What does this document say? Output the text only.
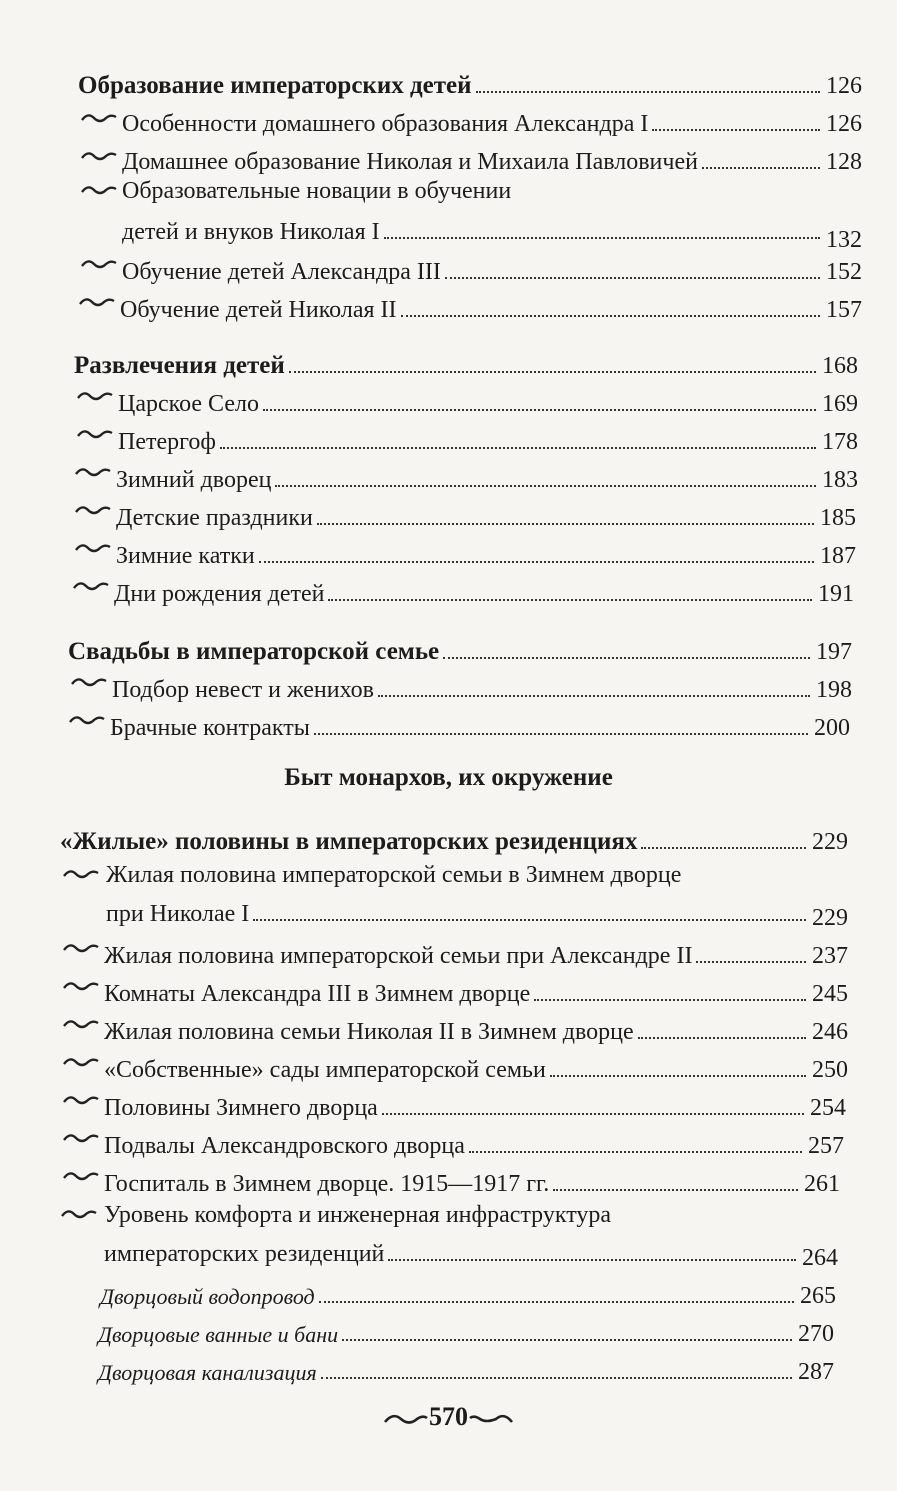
Образование императорских детей	126
Особенности домашнего образования Александра I	126
Домашнее образование Николая и Михаила Павловичей	128
Образовательные новации в обучении
детей и внуков Николая I	132
Обучение детей Александра III	152
Обучение детей Николая II	157
Развлечения детей	168
Царское Село	169
Петергоф	178
Зимний дворец	183
Детские праздники	185
Зимние катки	187
Дни рождения детей	191
Свадьбы в императорской семье	197
Подбор невест и женихов	198
Брачные контракты	200
Быт монархов, их окружение
«Жилые» половины в императорских резиденциях	229
Жилая половина императорской семьи в Зимнем дворце
при Николае I	229
Жилая половина императорской семьи при Александре II	237
Комнаты Александра III в Зимнем дворце	245
Жилая половина семьи Николая II в Зимнем дворце	246
«Собственные» сады императорской семьи	250
Половины Зимнего дворца	254
Подвалы Александровского дворца	257
Госпиталь в Зимнем дворце. 1915—1917 гг.	261
Уровень комфорта и инженерная инфраструктура
императорских резиденций	264
Дворцовый водопровод	265
Дворцовые ванные и бани	270
Дворцовая канализация	287
570
